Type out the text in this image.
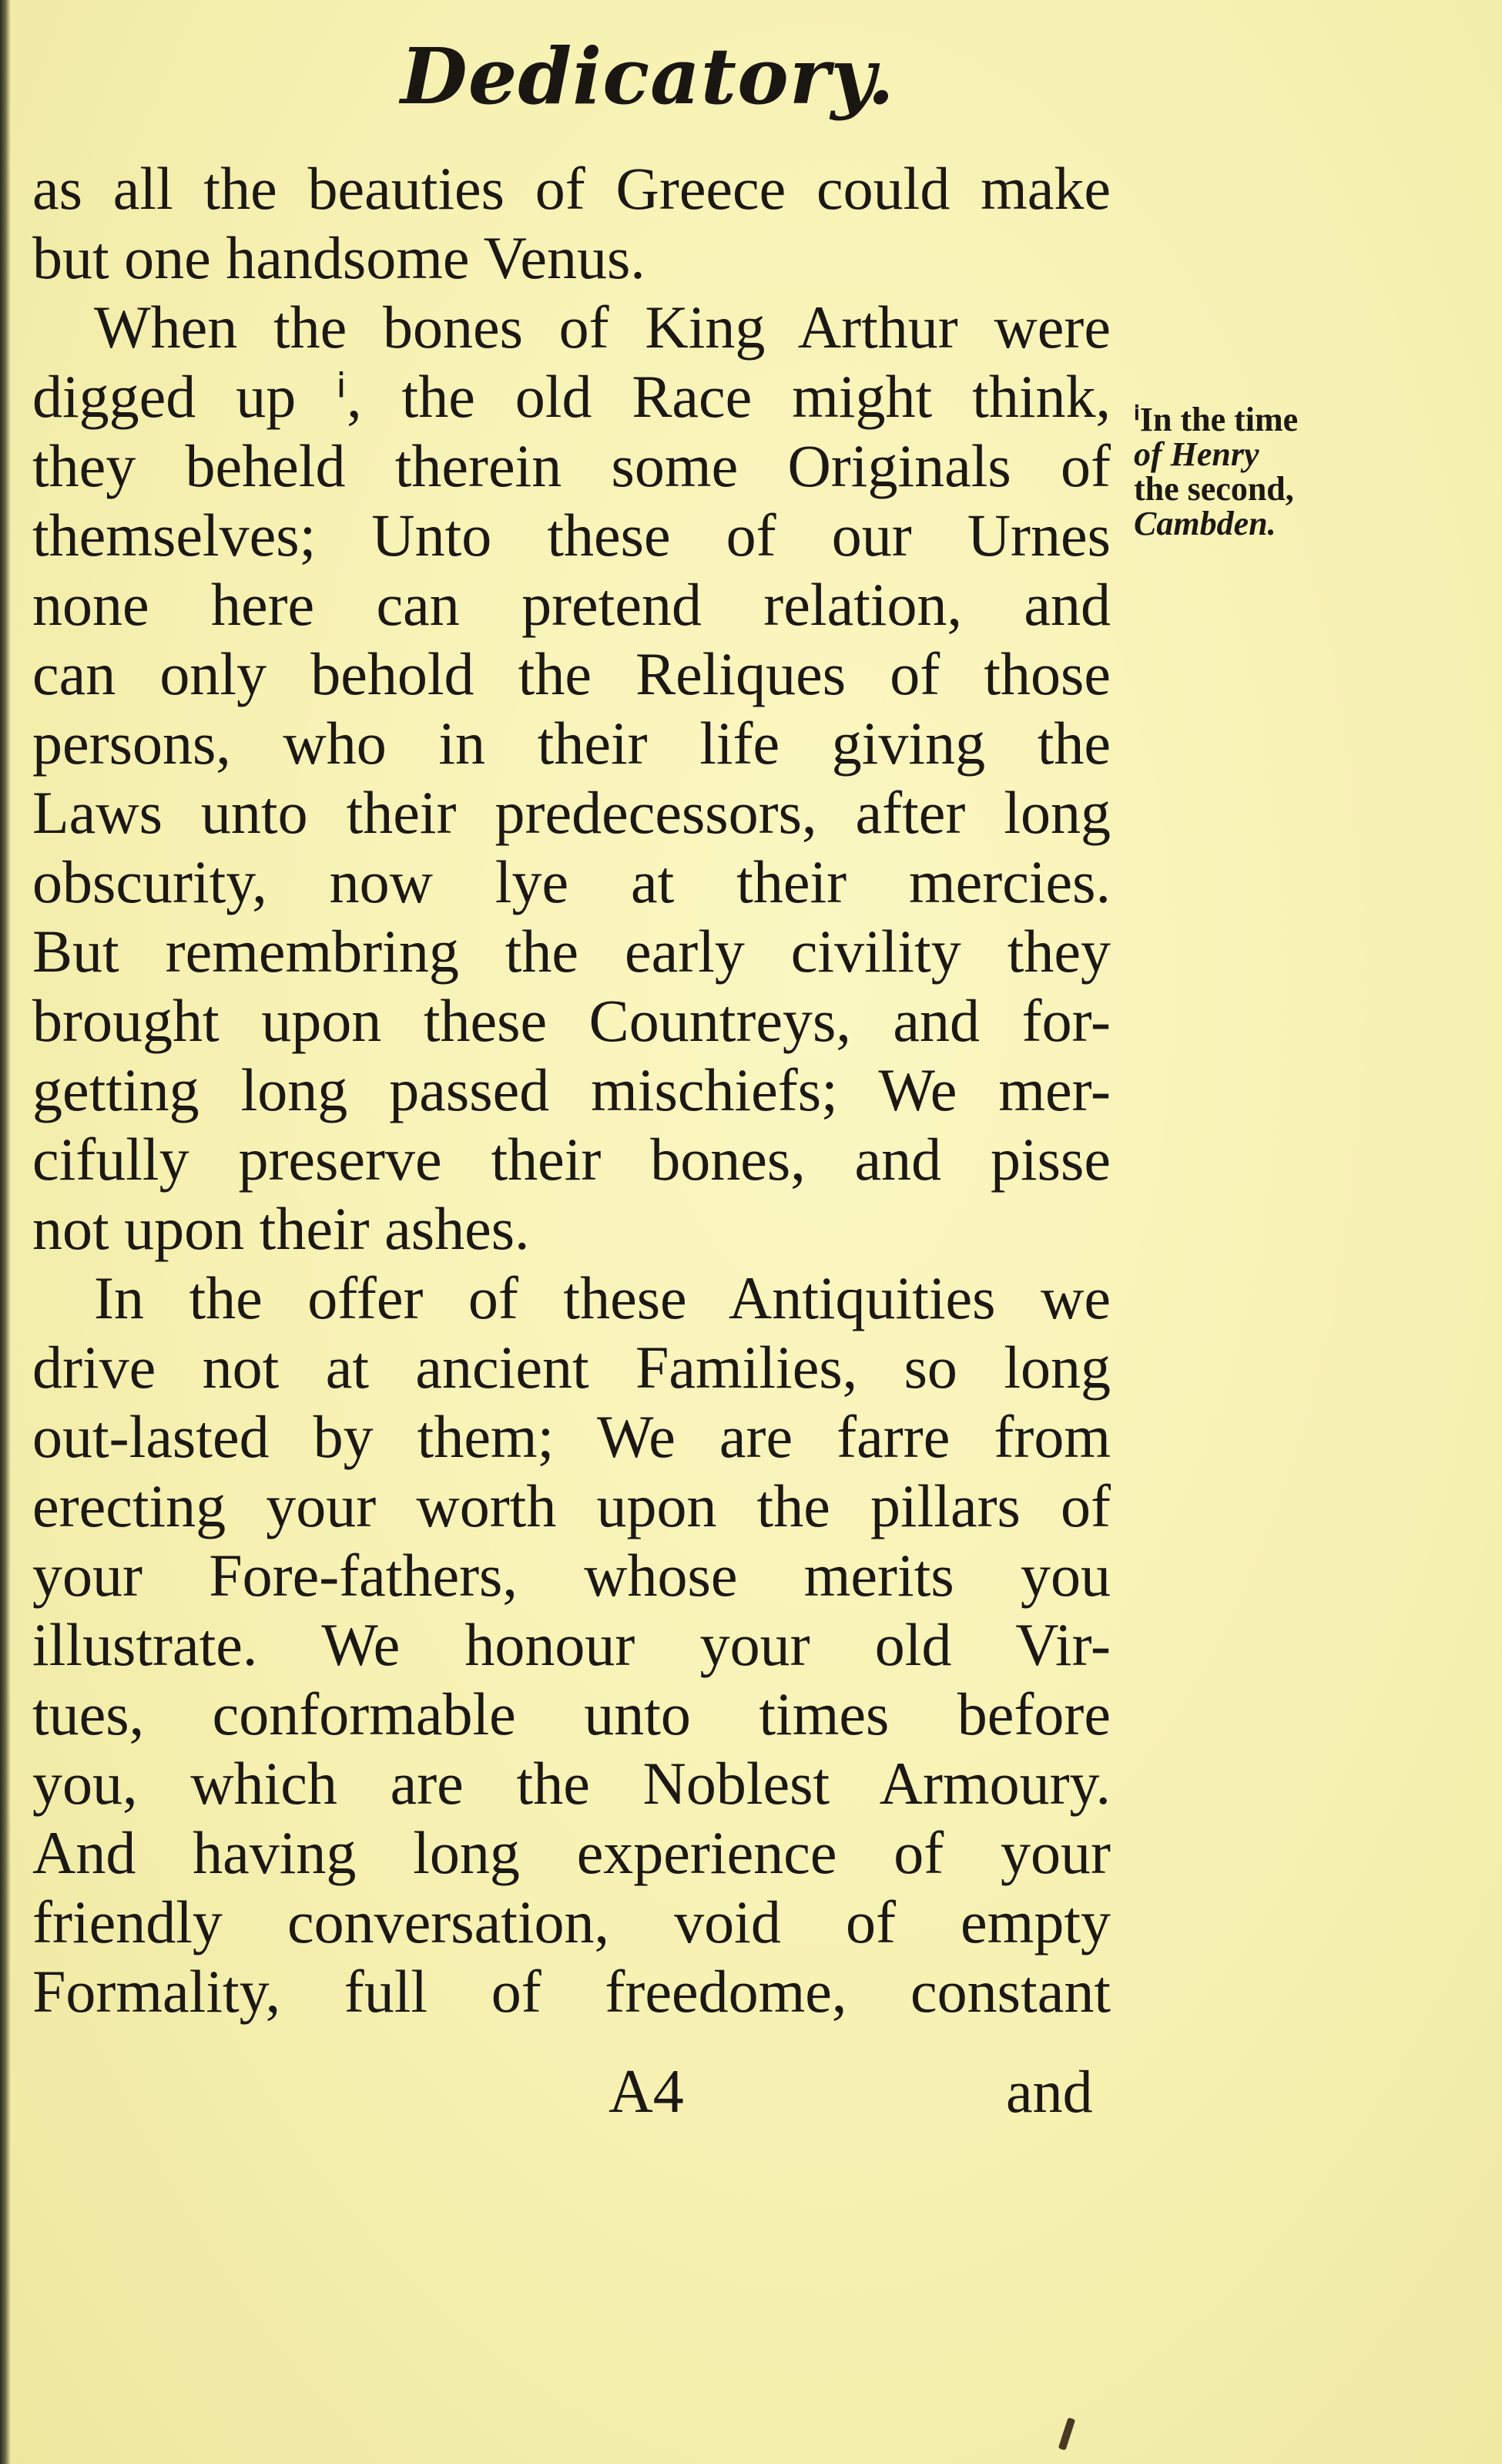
Dedicatory.
as all the beauties of Greece could make
but one handsome Venus.
When the bones of King Arthur were
digged up ⁱ, the old Race might think,
they beheld therein some Originals of
themselves; Unto these of our Urnes
none here can pretend relation, and
can only behold the Reliques of those
persons, who in their life giving the
Laws unto their predecessors, after long
obscurity, now lye at their mercies.
But remembring the early civility they
brought upon these Countreys, and for-
getting long passed mischiefs; We mer-
cifully preserve their bones, and pisse
not upon their ashes.
In the offer of these Antiquities we
drive not at ancient Families, so long
out-lasted by them; We are farre from
erecting your worth upon the pillars of
your Fore-fathers, whose merits you
illustrate. We honour your old Vir-
tues, conformable unto times before
you, which are the Noblest Armoury.
And having long experience of your
friendly conversation, void of empty
Formality, full of freedome, constant
ⁱIn the time
of Henry
the second,
Cambden.
A4	and
